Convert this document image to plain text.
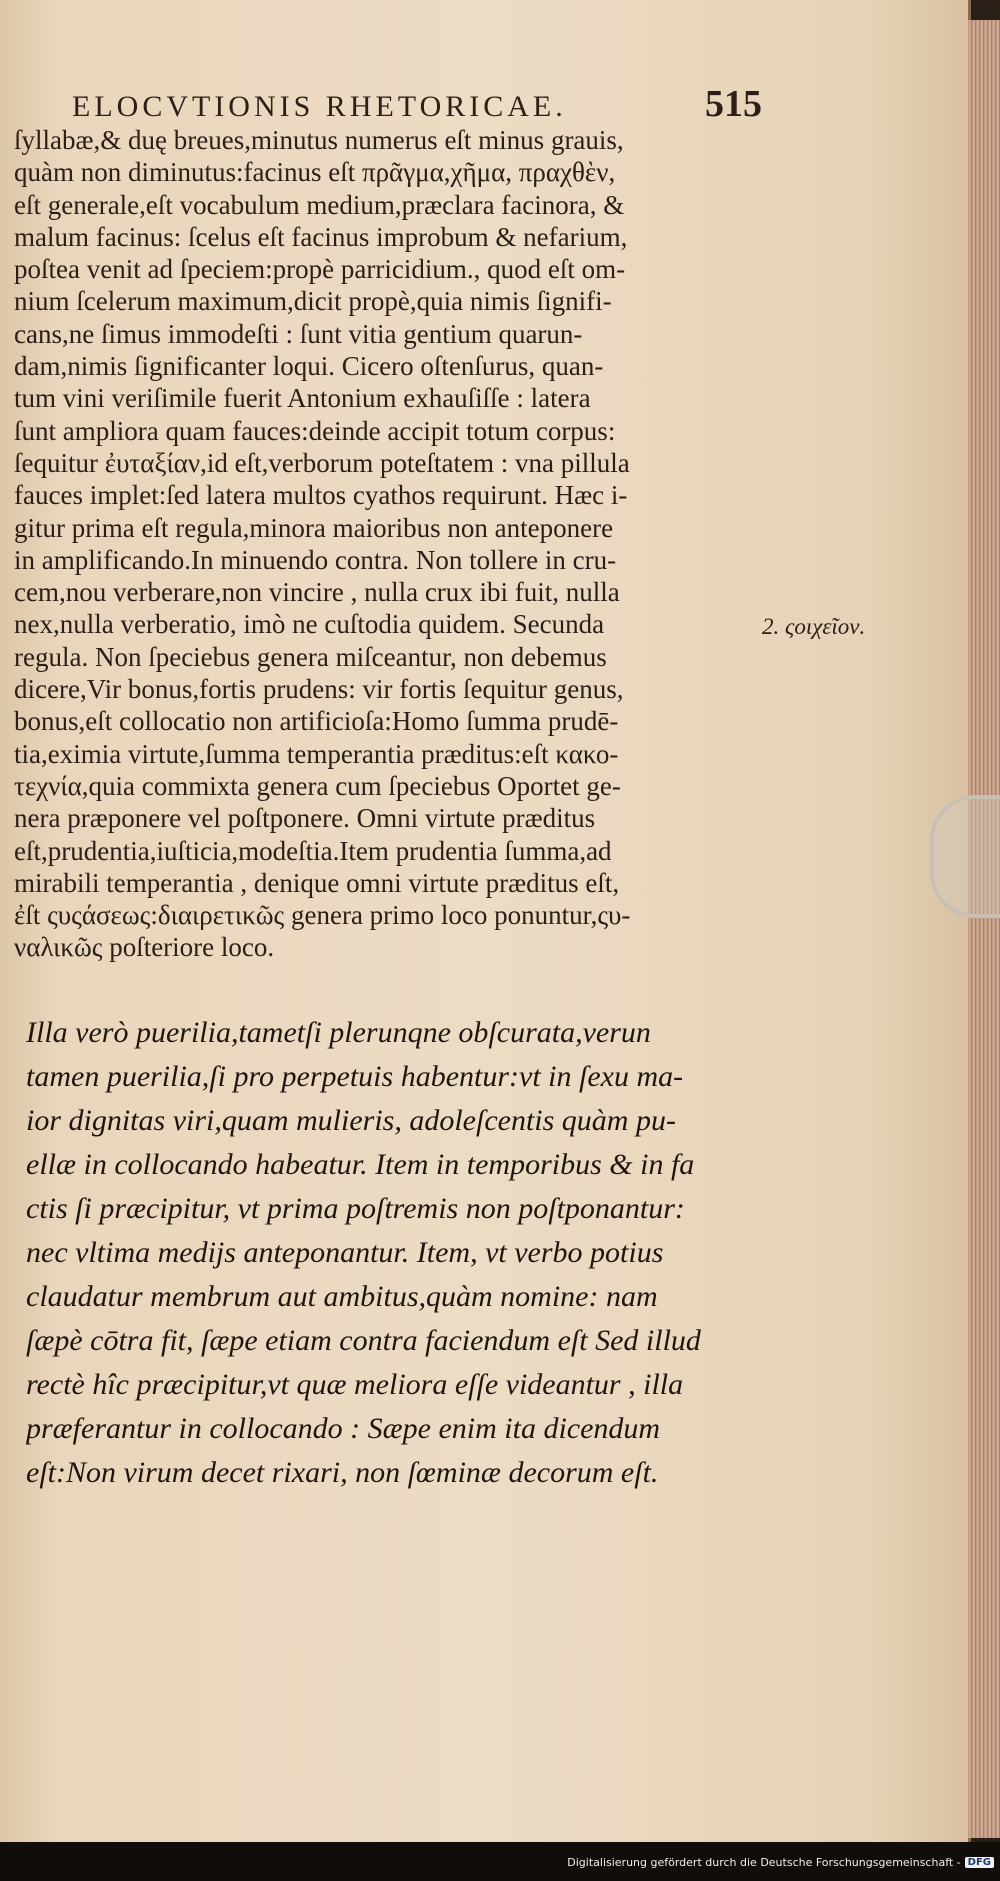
ELOCVTIONIS RHETORICAE.	515
ſyllabæ,& duę breues,minutus numerus eſt minus grauis,
quàm non diminutus:facinus eſt πρᾶγμα,χῆμα, πραχθὲν,
eſt generale,eſt vocabulum medium,præclara facinora, &
malum facinus: ſcelus eſt facinus improbum & nefarium,
poſtea venit ad ſpeciem:propè parricidium., quod eſt om-
nium ſcelerum maximum,dicit propè,quia nimis ſignifi-
cans,ne ſimus immodeſti : ſunt vitia gentium quarun-
dam,nimis ſignificanter loqui. Cicero oſtenſurus, quan-
tum vini veriſimile fuerit Antonium exhauſiſſe : latera
ſunt ampliora quam fauces:deinde accipit totum corpus:
ſequitur ἐυταξίαν,id eſt,verborum poteſtatem : vna pillula
fauces implet:ſed latera multos cyathos requirunt. Hæc i-
gitur prima eſt regula,minora maioribus non anteponere
in amplificando.In minuendo contra. Non tollere in cru-
cem,nou verberare,non vincire , nulla crux ibi fuit, nulla
nex,nulla verberatio, imò ne cuſtodia quidem. Secunda
regula. Non ſpeciebus genera miſceantur, non debemus
dicere,Vir bonus,fortis prudens: vir fortis ſequitur genus,
bonus,eſt collocatio non artificioſa:Homo ſumma prudē-
tia,eximia virtute,ſumma temperantia præditus:eſt κακο-
τεχνία,quia commixta genera cum ſpeciebus Oportet ge-
nera præponere vel poſtponere. Omni virtute præditus
eſt,prudentia,iuſticia,modeſtia.Item prudentia ſumma,ad
mirabili temperantia , denique omni virtute præditus eſt,
ἐſt ςυςάσεως:διαιρετικῶς genera primo loco ponuntur,ςυ-
ναλικῶς poſteriore loco.
2. ςοιχεῖον.
Illa verò puerilia,tametſi plerunqne obſcurata,verun
tamen puerilia,ſi pro perpetuis habentur:vt in ſexu ma-
ior dignitas viri,quam mulieris, adoleſcentis quàm pu-
ellæ in collocando habeatur. Item in temporibus & in fa
ctis ſi præcipitur, vt prima poſtremis non poſtponantur:
nec vltima medijs anteponantur. Item, vt verbo potius
claudatur membrum aut ambitus,quàm nomine: nam
ſæpè cōtra fit, ſæpe etiam contra faciendum eſt Sed illud
rectè hîc præcipitur,vt quæ meliora eſſe videantur , illa
præferantur in collocando : Sæpe enim ita dicendum
eſt:Non virum decet rixari, non ſœminæ decorum eſt.
Digitalisierung gefördert durch die Deutsche Forschungsgemeinschaft - DFG
